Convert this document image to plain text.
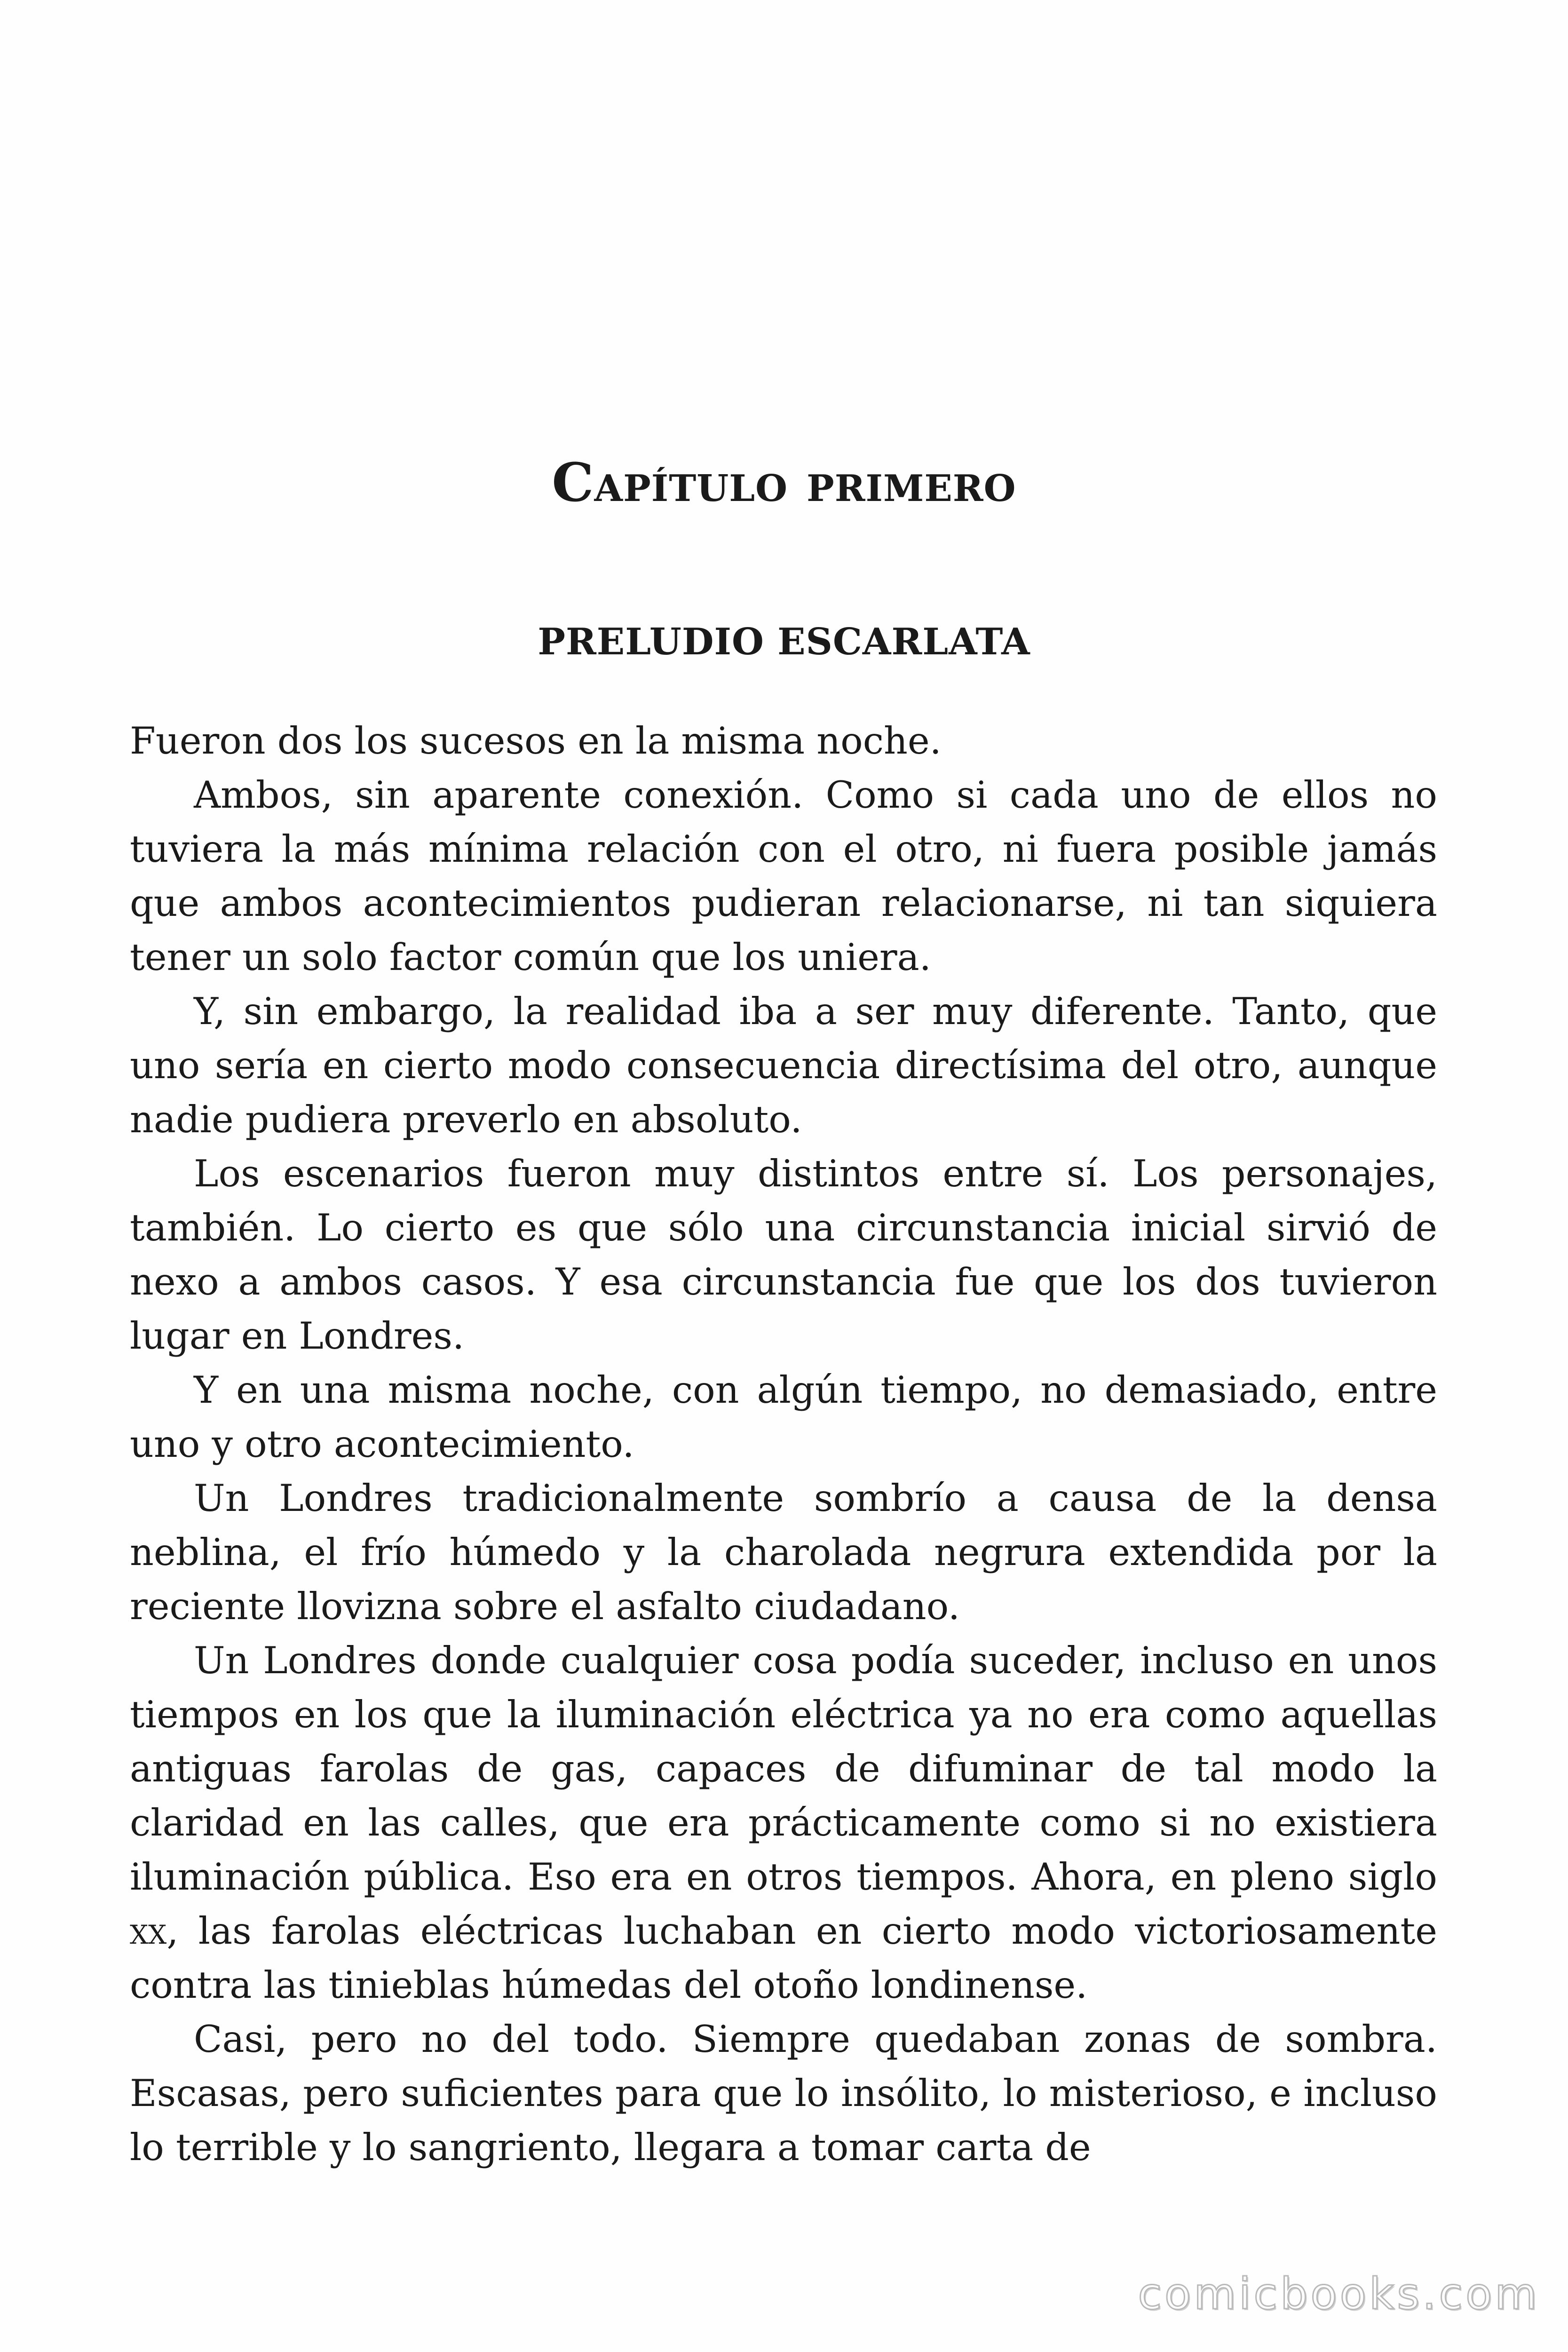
Capítulo primero
PRELUDIO ESCARLATA

Fueron dos los sucesos en la misma noche.

Ambos, sin aparente conexión. Como si cada uno de ellos no tuviera la más mínima relación con el otro, ni fuera posible jamás que ambos acontecimientos pudieran relacionarse, ni tan siquiera tener un solo factor común que los uniera.

Y, sin embargo, la realidad iba a ser muy diferente. Tanto, que uno sería en cierto modo consecuencia directísima del otro, aunque nadie pudiera preverlo en absoluto.

Los escenarios fueron muy distintos entre sí. Los personajes, también. Lo cierto es que sólo una circunstancia inicial sirvió de nexo a ambos casos. Y esa circunstancia fue que los dos tuvieron lugar en Londres.

Y en una misma noche, con algún tiempo, no demasiado, entre uno y otro acontecimiento.

Un Londres tradicionalmente sombrío a causa de la densa neblina, el frío húmedo y la charolada negrura extendida por la reciente llovizna sobre el asfalto ciudadano.

Un Londres donde cualquier cosa podía suceder, incluso en unos tiempos en los que la iluminación eléctrica ya no era como aquellas antiguas farolas de gas, capaces de difuminar de tal modo la claridad en las calles, que era prácticamente como si no existiera iluminación pública. Eso era en otros tiempos. Ahora, en pleno siglo xx, las farolas eléctricas luchaban en cierto modo victoriosamente contra las tinieblas húmedas del otoño londinense.

Casi, pero no del todo. Siempre quedaban zonas de sombra. Escasas, pero suficientes para que lo insólito, lo misterioso, e incluso lo terrible y lo sangriento, llegara a tomar carta de

comicbooks.com
